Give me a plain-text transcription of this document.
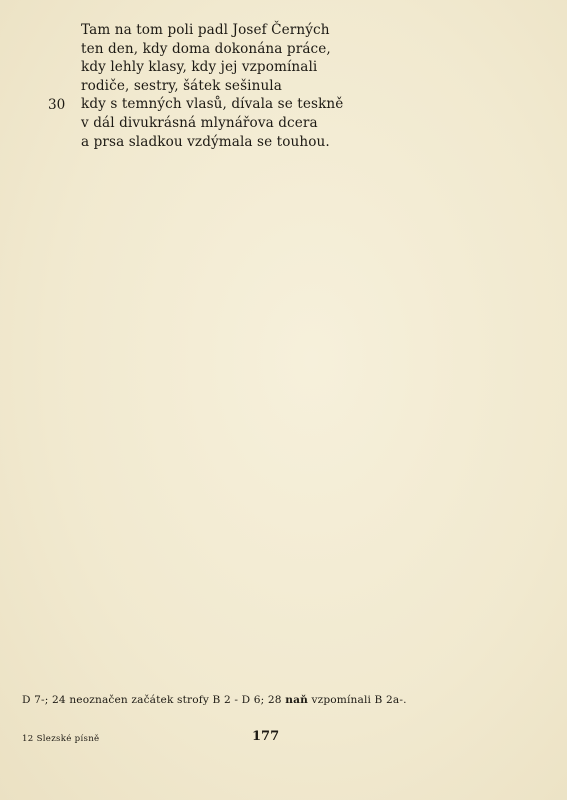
30
Tam na tom poli padl Josef Černých
ten den, kdy doma dokonána práce,
kdy lehly klasy, kdy jej vzpomínali
rodiče, sestry, šátek sešinula
kdy s temných vlasů, dívala se teskně
v dál divukrásná mlynářova dcera
a prsa sladkou vzdýmala se touhou.
D 7-; 24 neoznačen začátek strofy B 2 - D 6; 28 naň vzpomínali B 2a-.
12 Slezské písně	177
